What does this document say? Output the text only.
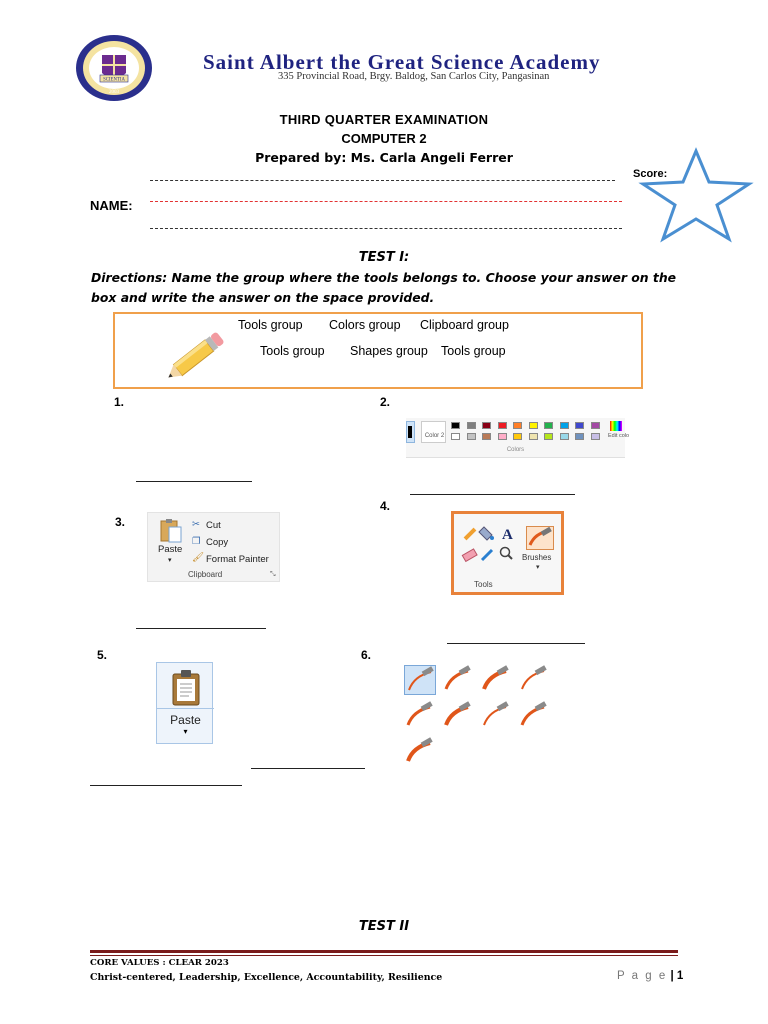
SCIENTIA
2003
Saint Albert the Great Science Academy
335 Provincial Road, Brgy. Baldog, San Carlos City, Pangasinan
THIRD QUARTER EXAMINATION
COMPUTER 2
Prepared by: Ms. Carla Angeli Ferrer
NAME:
Score:
TEST I:
Directions: Name the group where the tools belongs to. Choose your answer on the box and write the answer on the space provided.
Tools group Colors group Clipboard group
Tools group Shapes group Tools group
1.	2.
3.
4.
5.	6.
Color 2	Edit colo
Colors
Paste
▾
✂ Cut
❐ Copy
🖌 Format Painter
Clipboard	⤡
A
Tools
Brushes
▾
Paste
▾
TEST II
CORE VALUES : CLEAR 2023
Christ-centered, Leadership, Excellence, Accountability, Resilience	P a g e | 1
